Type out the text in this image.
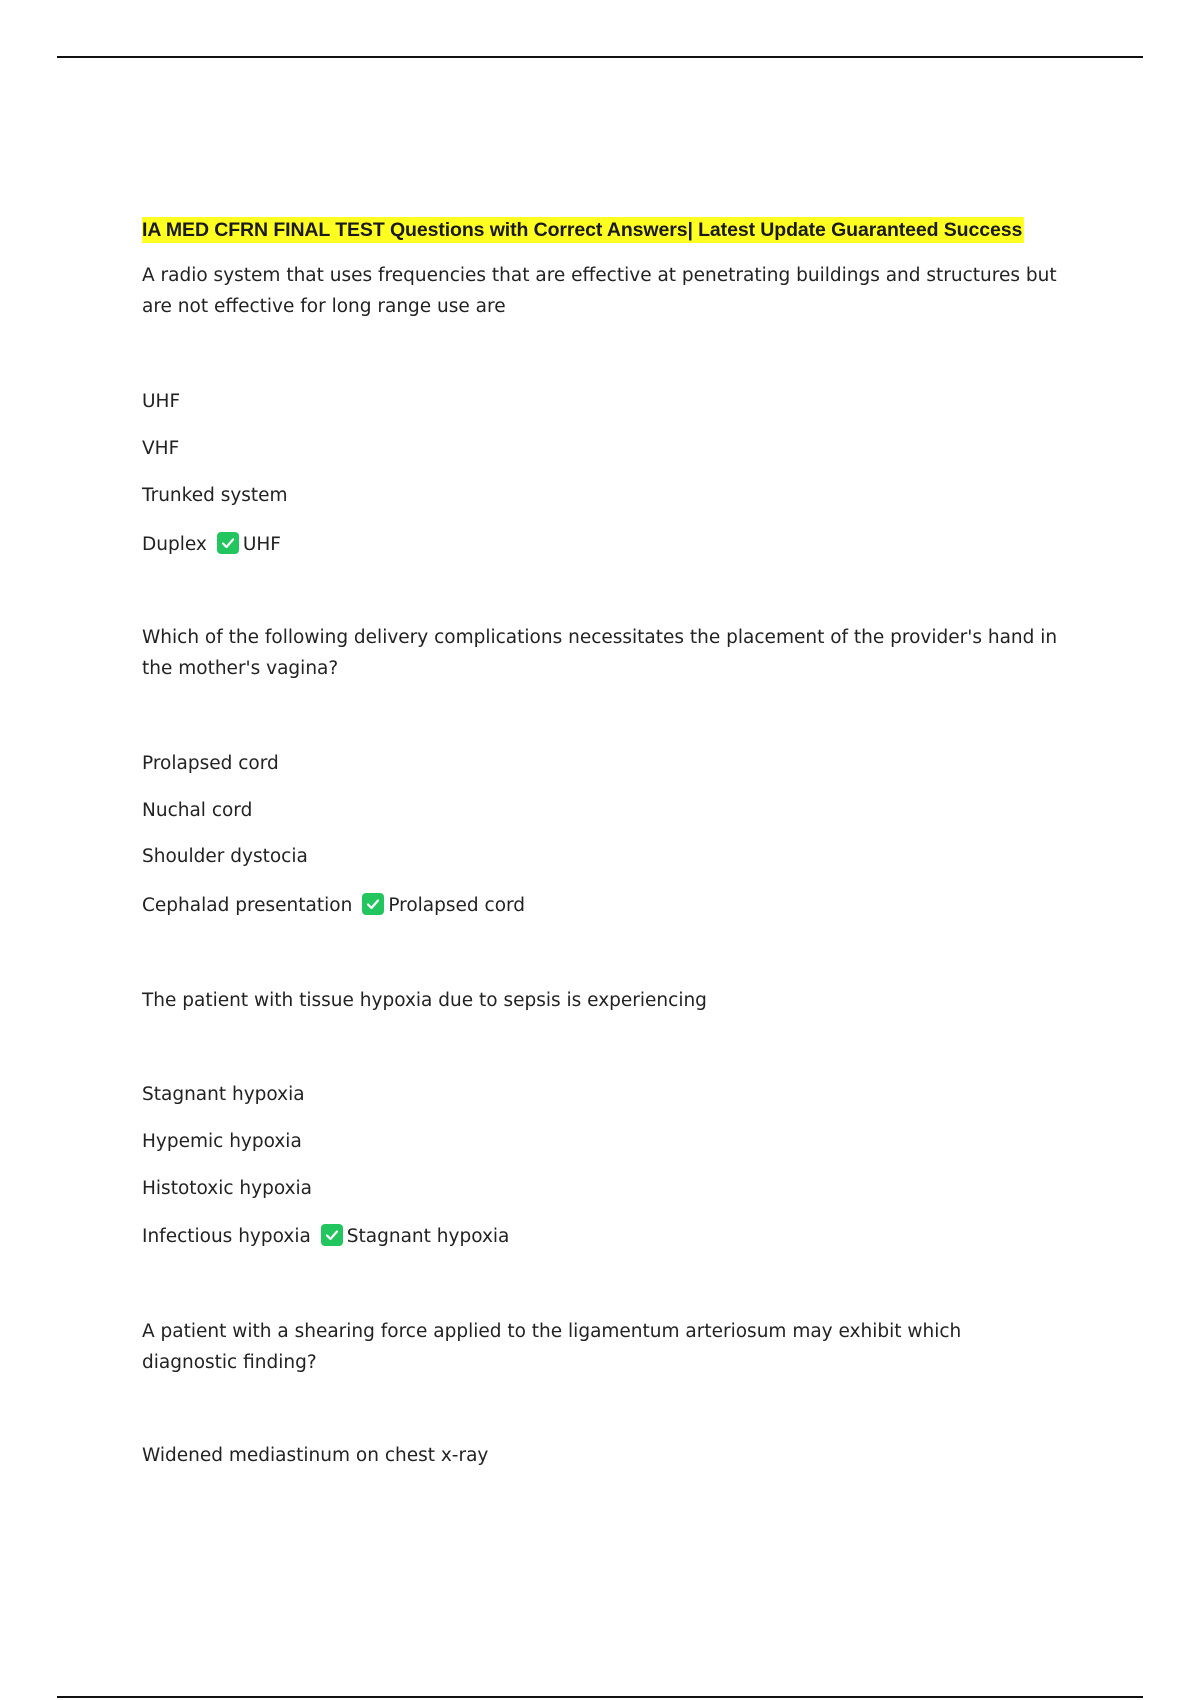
IA MED CFRN FINAL TEST Questions with Correct Answers| Latest Update Guaranteed Success
A radio system that uses frequencies that are effective at penetrating buildings and structures but are not effective for long range use are
UHF
VHF
Trunked system
Duplex UHF
Which of the following delivery complications necessitates the placement of the provider's hand in the mother's vagina?
Prolapsed cord
Nuchal cord
Shoulder dystocia
Cephalad presentation Prolapsed cord
The patient with tissue hypoxia due to sepsis is experiencing
Stagnant hypoxia
Hypemic hypoxia
Histotoxic hypoxia
Infectious hypoxia Stagnant hypoxia
A patient with a shearing force applied to the ligamentum arteriosum may exhibit which diagnostic finding?
Widened mediastinum on chest x-ray
